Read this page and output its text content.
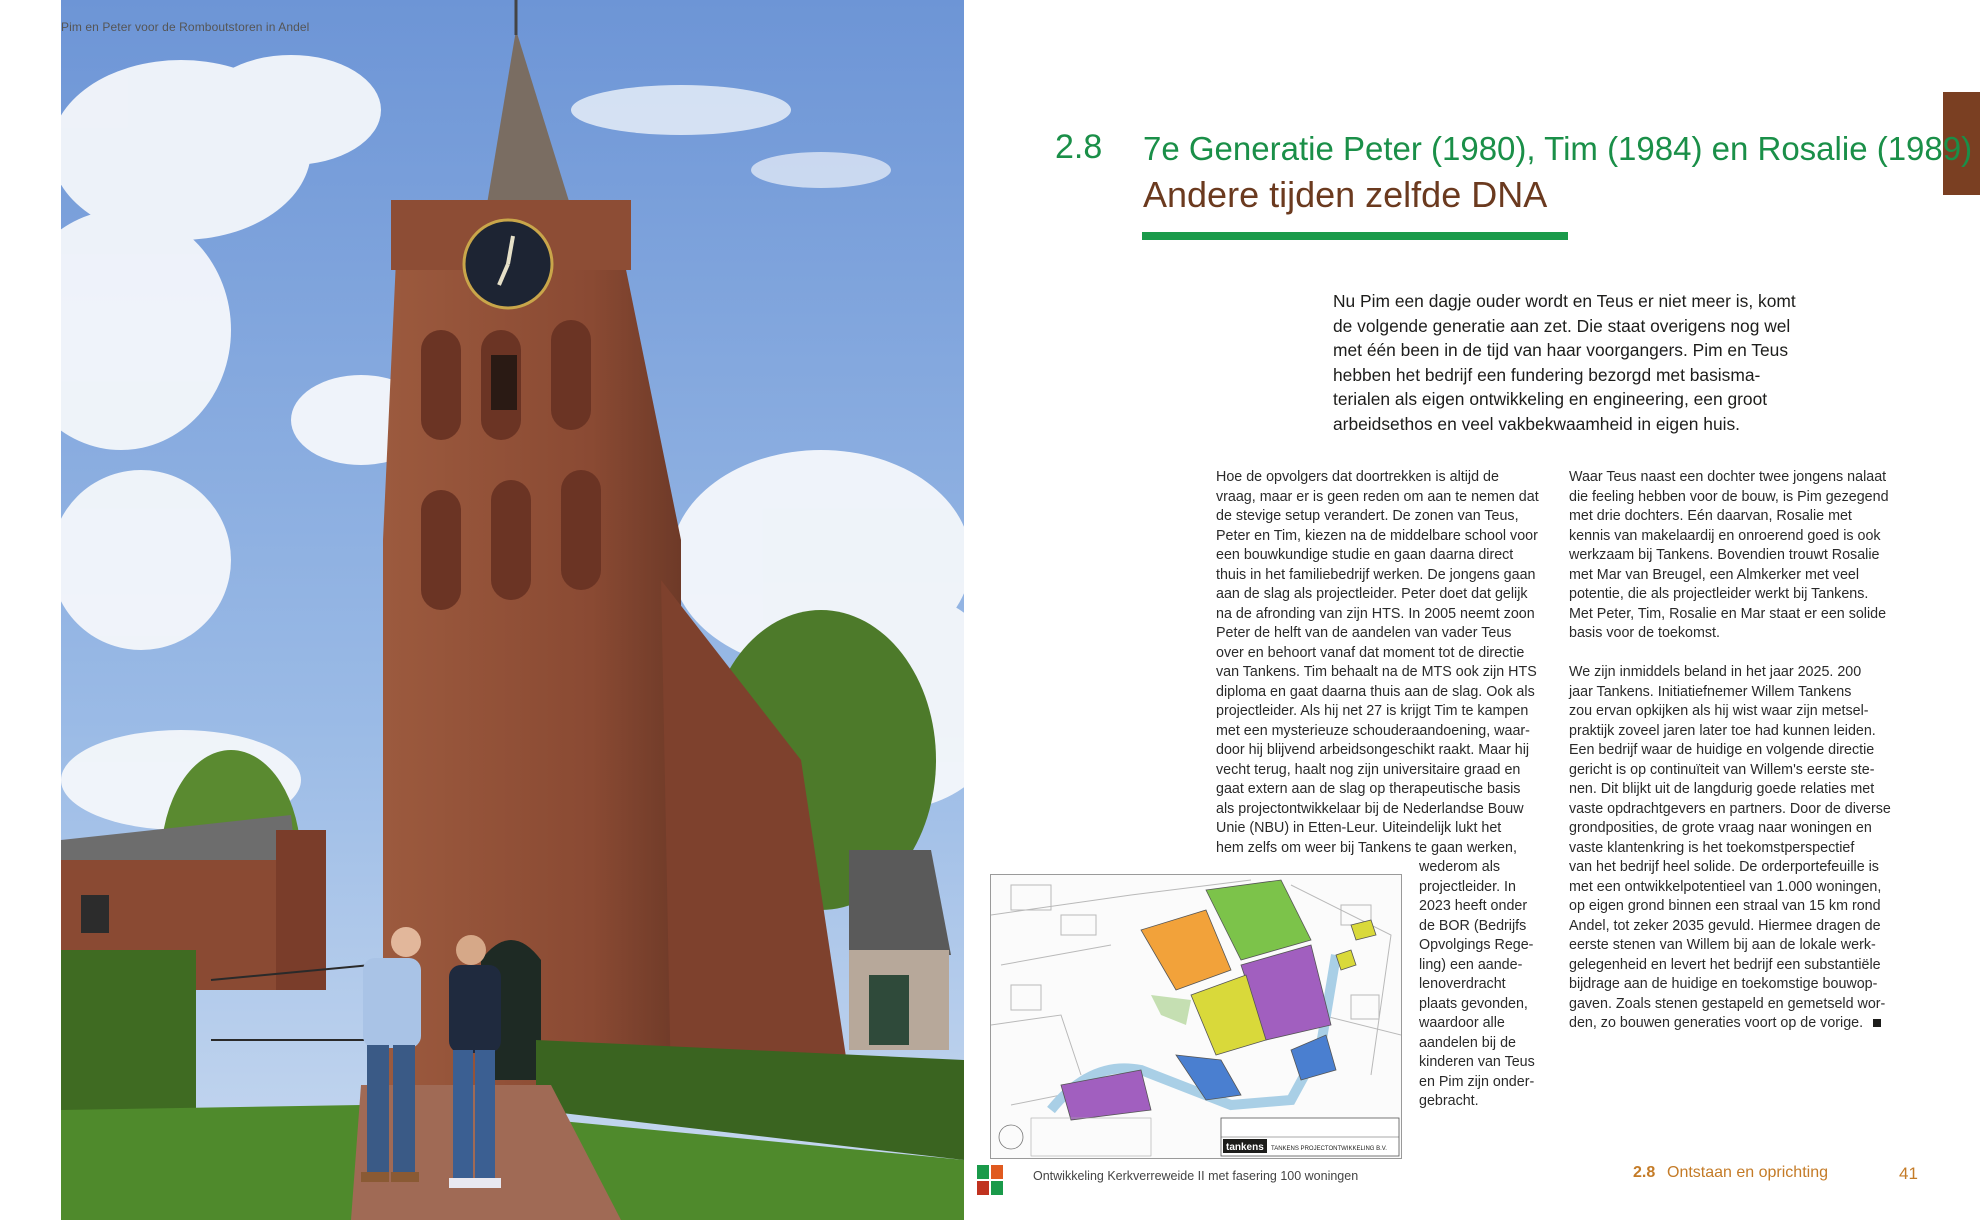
Pim en Peter voor de Romboutstoren in Andel
2.8 7e Generatie Peter (1980), Tim (1984) en Rosalie (1989)
Andere tijden zelfde DNA
Nu Pim een dagje ouder wordt en Teus er niet meer is, komt de volgende generatie aan zet. Die staat overigens nog wel met één been in de tijd van haar voorgangers. Pim en Teus hebben het bedrijf een fundering bezorgd met basisma-terialen als eigen ontwikkeling en engineering, een groot arbeidsethos en veel vakbekwaamheid in eigen huis.
Hoe de opvolgers dat doortrekken is altijd de
vraag, maar er is geen reden om aan te nemen dat
de stevige setup verandert. De zonen van Teus,
Peter en Tim, kiezen na de middelbare school voor
een bouwkundige studie en gaan daarna direct
thuis in het familiebedrijf werken. De jongens gaan
aan de slag als projectleider. Peter doet dat gelijk
na de afronding van zijn HTS. In 2005 neemt zoon
Peter de helft van de aandelen van vader Teus
over en behoort vanaf dat moment tot de directie
van Tankens. Tim behaalt na de MTS ook zijn HTS
diploma en gaat daarna thuis aan de slag. Ook als
projectleider. Als hij net 27 is krijgt Tim te kampen
met een mysterieuze schouderaandoening, waar-
door hij blijvend arbeidsongeschikt raakt. Maar hij
vecht terug, haalt nog zijn universitaire graad en
gaat extern aan de slag op therapeutische basis
als projectontwikkelaar bij de Nederlandse Bouw
Unie (NBU) in Etten-Leur. Uiteindelijk lukt het
hem zelfs om weer bij Tankens te gaan werken,
wederom als
projectleider. In
2023 heeft onder
de BOR (Bedrijfs
Opvolgings Rege-
ling) een aande-
lenoverdracht
plaats gevonden,
waardoor alle
aandelen bij de
kinderen van Teus
en Pim zijn onder-
gebracht.
Waar Teus naast een dochter twee jongens nalaat
die feeling hebben voor de bouw, is Pim gezegend
met drie dochters. Eén daarvan, Rosalie met
kennis van makelaardij en onroerend goed is ook
werkzaam bij Tankens. Bovendien trouwt Rosalie
met Mar van Breugel, een Almkerker met veel
potentie, die als projectleider werkt bij Tankens.
Met Peter, Tim, Rosalie en Mar staat er een solide
basis voor de toekomst.
We zijn inmiddels beland in het jaar 2025. 200
jaar Tankens. Initiatiefnemer Willem Tankens
zou ervan opkijken als hij wist waar zijn metsel-
praktijk zoveel jaren later toe had kunnen leiden.
Een bedrijf waar de huidige en volgende directie
gericht is op continuïteit van Willem's eerste ste-
nen. Dit blijkt uit de langdurig goede relaties met
vaste opdrachtgevers en partners. Door de diverse
grondposities, de grote vraag naar woningen en
vaste klantenkring is het toekomstperspectief
van het bedrijf heel solide. De orderportefeuille is
met een ontwikkelpotentieel van 1.000 woningen,
op eigen grond binnen een straal van 15 km rond
Andel, tot zeker 2035 gevuld. Hiermee dragen de
eerste stenen van Willem bij aan de lokale werk-
gelegenheid en levert het bedrijf een substantiële
bijdrage aan de huidige en toekomstige bouwop-
gaven. Zoals stenen gestapeld en gemetseld wor-
den, zo bouwen generaties voort op de vorige.
tankens TANKENS PROJECTONTWIKKELING B.V.
Ontwikkeling Kerkverreweide II met fasering 100 woningen	2.8 Ontstaan en oprichting	41
